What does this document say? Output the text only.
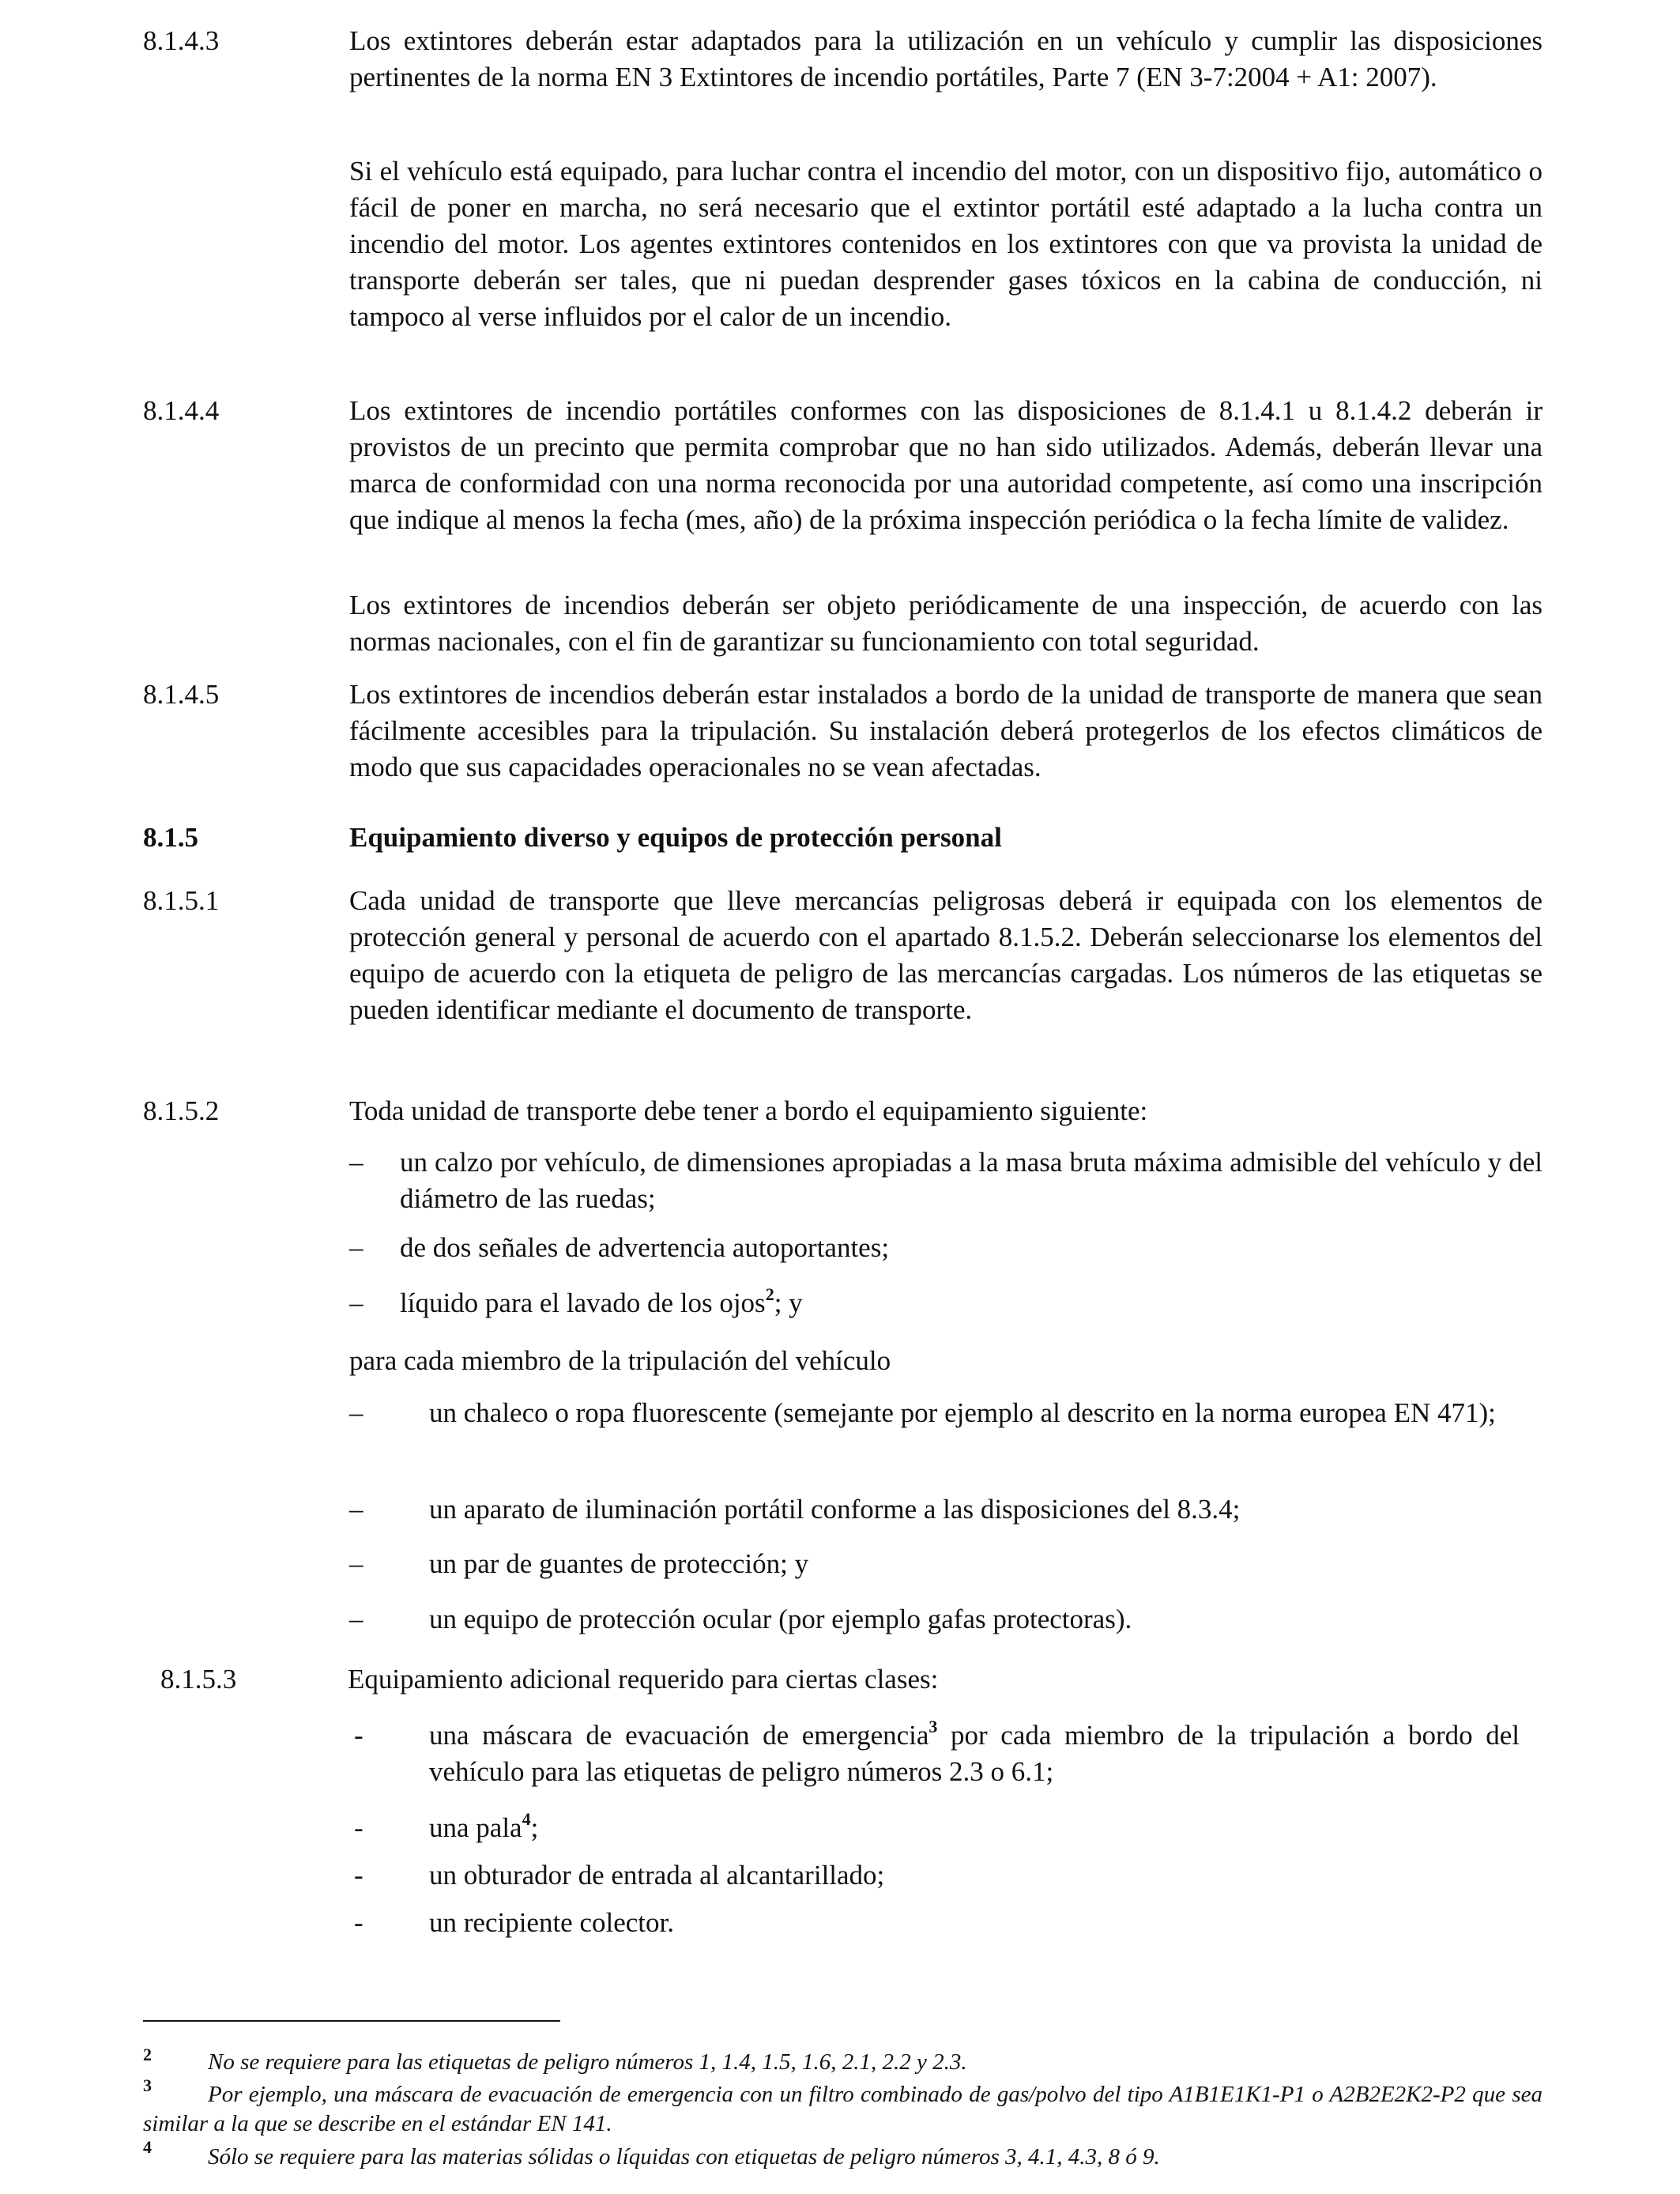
8.1.4.3	Los extintores deberán estar adaptados para la utilización en un vehículo y cumplir las disposiciones pertinentes de la norma EN 3 Extintores de incendio portátiles, Parte 7 (EN 3-7:2004 + A1: 2007).
Si el vehículo está equipado, para luchar contra el incendio del motor, con un dispositivo fijo, automático o fácil de poner en marcha, no será necesario que el extintor portátil esté adaptado a la lucha contra un incendio del motor. Los agentes extintores contenidos en los extintores con que va provista la unidad de transporte deberán ser tales, que ni puedan desprender gases tóxicos en la cabina de conducción, ni tampoco al verse influidos por el calor de un incendio.
8.1.4.4	Los extintores de incendio portátiles conformes con las disposiciones de 8.1.4.1 u 8.1.4.2 deberán ir provistos de un precinto que permita comprobar que no han sido utilizados. Además, deberán llevar una marca de conformidad con una norma reconocida por una autoridad competente, así como una inscripción que indique al menos la fecha (mes, año) de la próxima inspección periódica o la fecha límite de validez.
Los extintores de incendios deberán ser objeto periódicamente de una inspección, de acuerdo con las normas nacionales, con el fin de garantizar su funcionamiento con total seguridad.
8.1.4.5	Los extintores de incendios deberán estar instalados a bordo de la unidad de transporte de manera que sean fácilmente accesibles para la tripulación. Su instalación deberá protegerlos de los efectos climáticos de modo que sus capacidades operacionales no se vean afectadas.
8.1.5	Equipamiento diverso y equipos de protección personal
8.1.5.1	Cada unidad de transporte que lleve mercancías peligrosas deberá ir equipada con los elementos de protección general y personal de acuerdo con el apartado 8.1.5.2. Deberán seleccionarse los elementos del equipo de acuerdo con la etiqueta de peligro de las mercancías cargadas. Los números de las etiquetas se pueden identificar mediante el documento de transporte.
8.1.5.2	Toda unidad de transporte debe tener a bordo el equipamiento siguiente:
– un calzo por vehículo, de dimensiones apropiadas a la masa bruta máxima admisible del vehículo y del diámetro de las ruedas;
– de dos señales de advertencia autoportantes;
– líquido para el lavado de los ojos$^2$; y
para cada miembro de la tripulación del vehículo
– un chaleco o ropa fluorescente (semejante por ejemplo al descrito en la norma europea EN 471);
– un aparato de iluminación portátil conforme a las disposiciones del 8.3.4;
– un par de guantes de protección; y
– un equipo de protección ocular (por ejemplo gafas protectoras).
8.1.5.3	Equipamiento adicional requerido para ciertas clases:
- una máscara de evacuación de emergencia$^3$ por cada miembro de la tripulación a bordo del vehículo para las etiquetas de peligro números 2.3 o 6.1;
- una pala$^4$;
- un obturador de entrada al alcantarillado;
- un recipiente colector.
2 No se requiere para las etiquetas de peligro números 1, 1.4, 1.5, 1.6, 2.1, 2.2 y 2.3.
3	Por ejemplo, una máscara de evacuación de emergencia con un filtro combinado de gas/polvo del tipo A1B1E1K1-P1 o A2B2E2K2-P2 que sea similar a la que se describe en el estándar EN 141.
4 Sólo se requiere para las materias sólidas o líquidas con etiquetas de peligro números 3, 4.1, 4.3, 8 ó 9.
